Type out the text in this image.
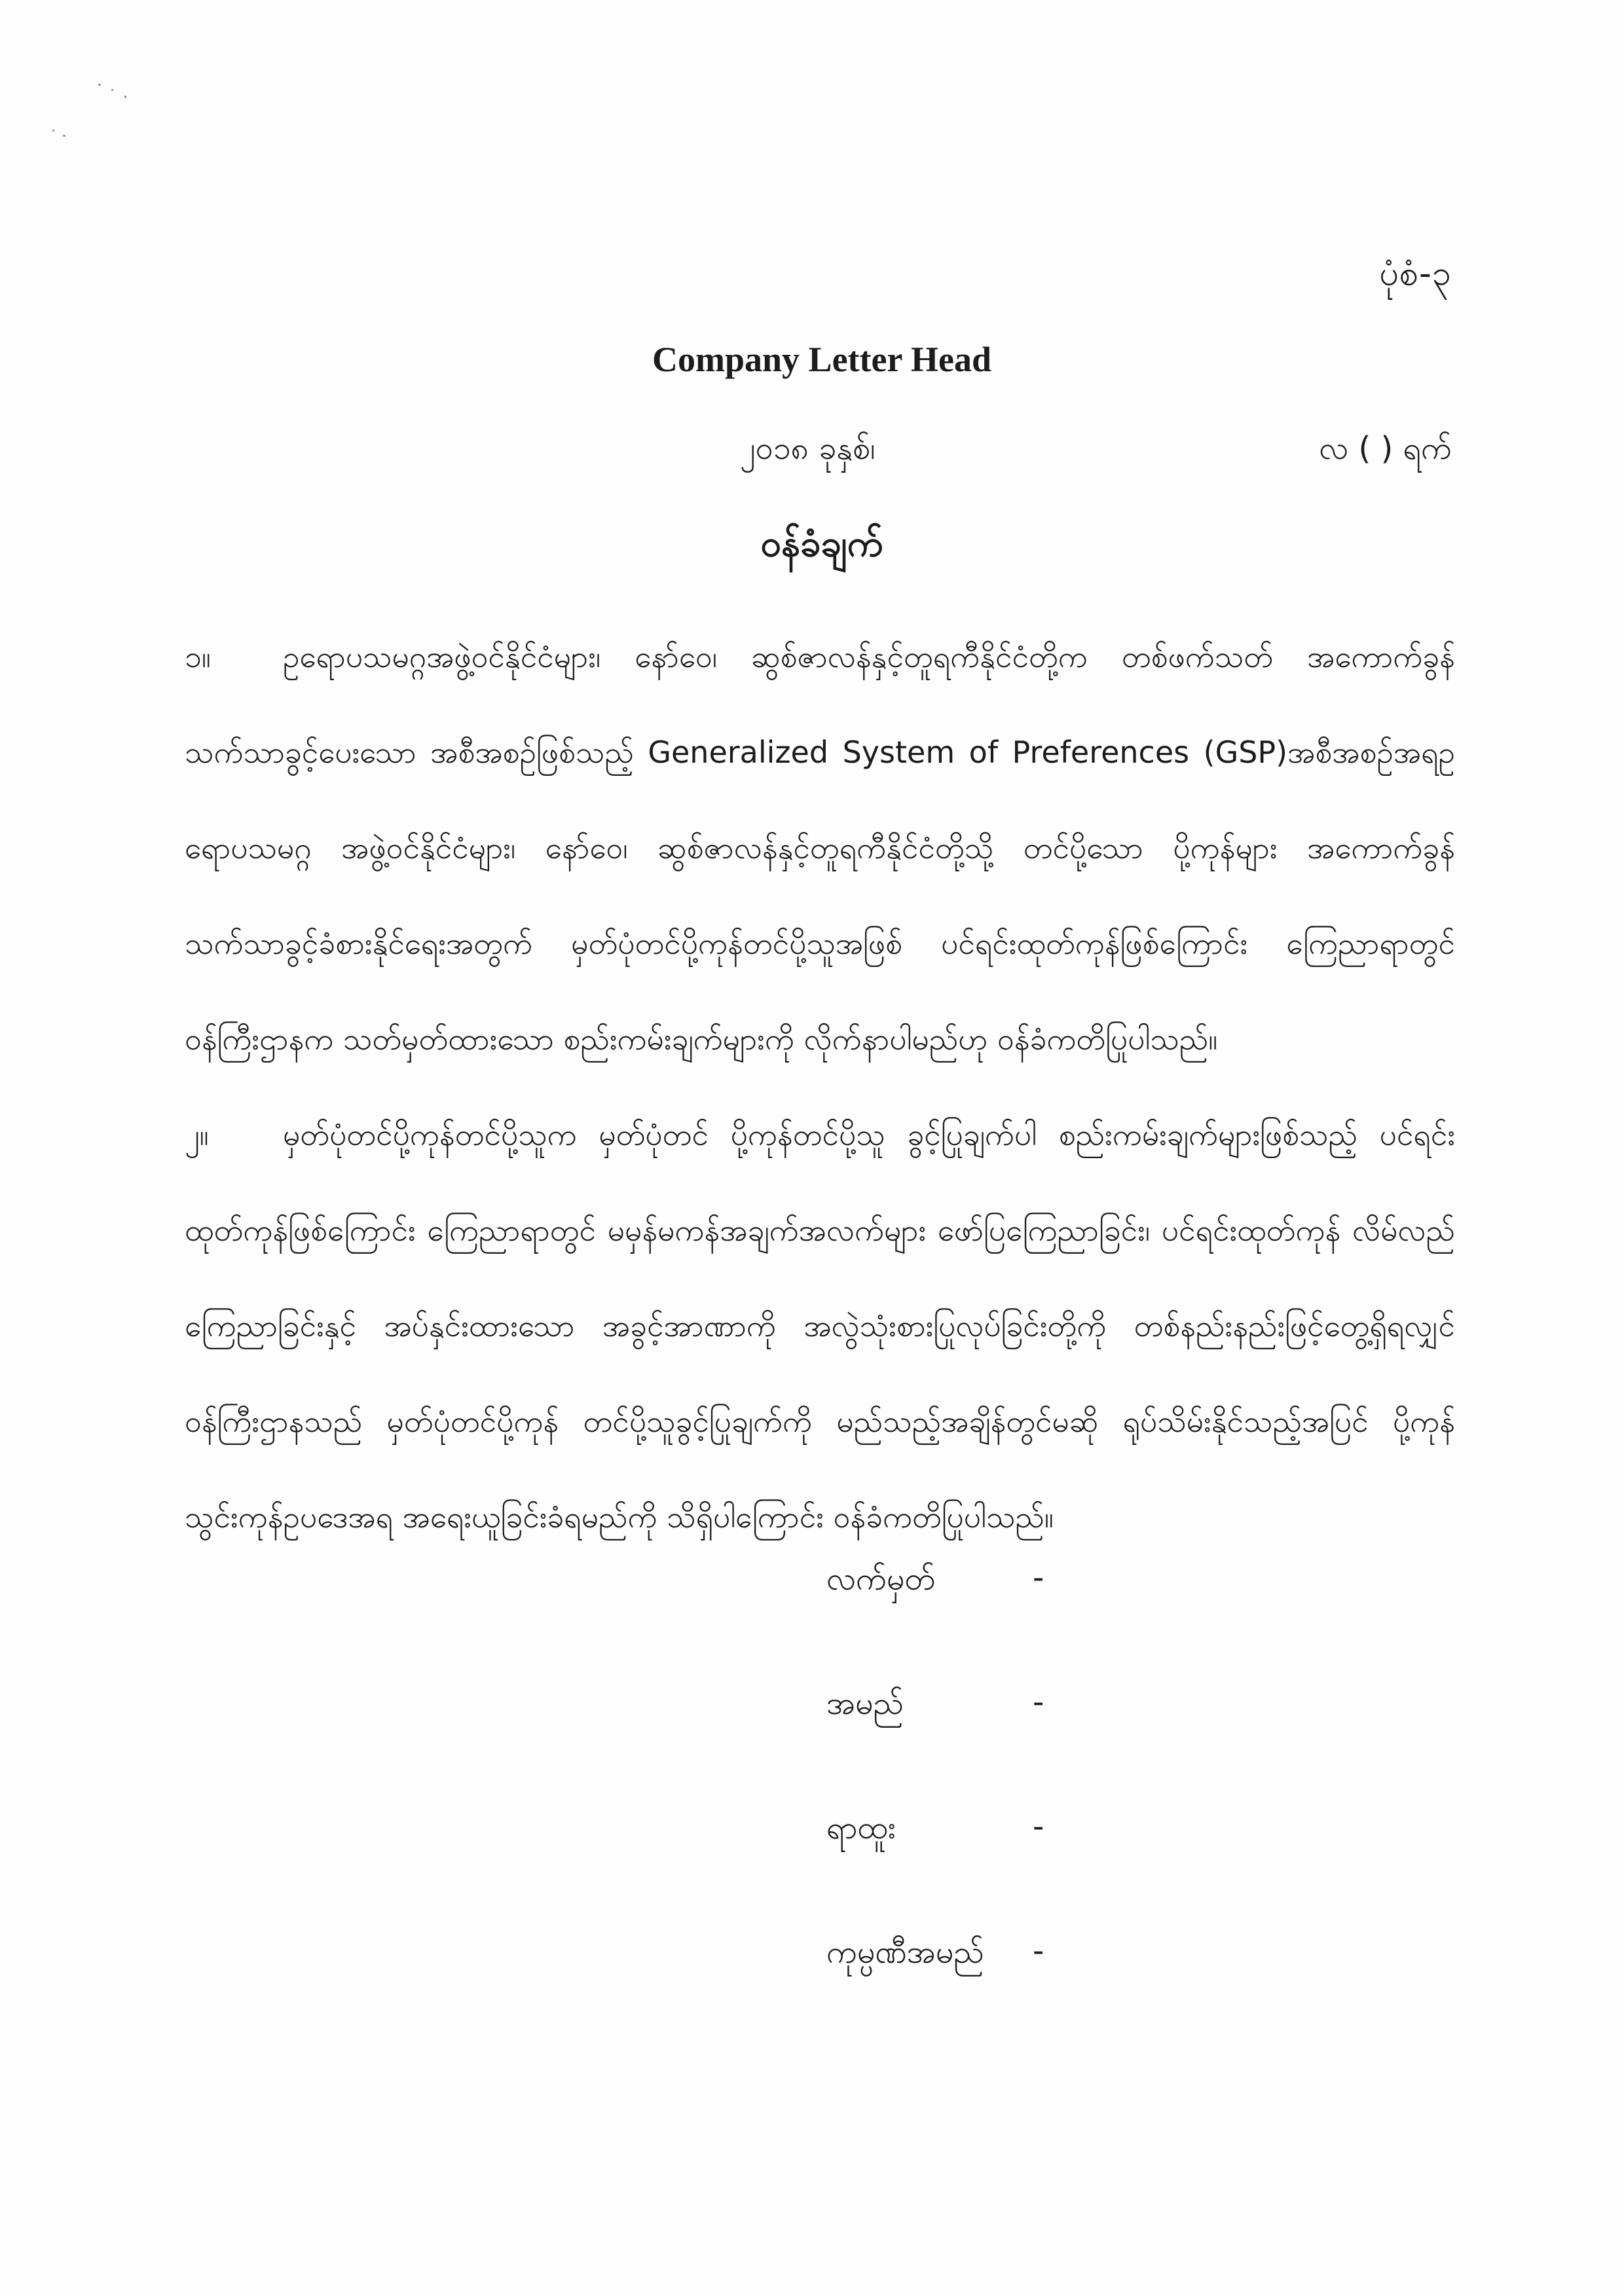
ပုံစံ-၃
Company Letter Head
၂၀၁၈ ခုနှစ်၊	လ ( ) ရက်
ဝန်ခံချက်

၁။ ဥရောပသမဂ္ဂအဖွဲ့ဝင်နိုင်ငံများ၊ နော်ဝေ၊ ဆွစ်ဇာလန်နှင့်တူရကီနိုင်ငံတို့က တစ်ဖက်သတ် အကောက်ခွန်သက်သာခွင့်ပေးသော အစီအစဉ်ဖြစ်သည့် Generalized System of Preferences (GSP)အစီအစဉ်အရဥရောပသမဂ္ဂ အဖွဲ့ဝင်နိုင်ငံများ၊ နော်ဝေ၊ ဆွစ်ဇာလန်နှင့်တူရကီနိုင်ငံတို့သို့ တင်ပို့သော ပို့ကုန်များ အကောက်ခွန်သက်သာခွင့်ခံစားနိုင်ရေးအတွက် မှတ်ပုံတင်ပို့ကုန်တင်ပို့သူအဖြစ် ပင်ရင်းထုတ်ကုန်ဖြစ်ကြောင်း ကြေညာရာတွင် ဝန်ကြီးဌာနက သတ်မှတ်ထားသော စည်းကမ်းချက်များကို လိုက်နာပါမည်ဟု ဝန်ခံကတိပြုပါသည်။

၂။ မှတ်ပုံတင်ပို့ကုန်တင်ပို့သူက မှတ်ပုံတင် ပို့ကုန်တင်ပို့သူ ခွင့်ပြုချက်ပါ စည်းကမ်းချက်များဖြစ်သည့် ပင်ရင်းထုတ်ကုန်ဖြစ်ကြောင်း ကြေညာရာတွင် မမှန်မကန်အချက်အလက်များ ဖော်ပြကြေညာခြင်း၊ ပင်ရင်းထုတ်ကုန် လိမ်လည်ကြေညာခြင်းနှင့် အပ်နှင်းထားသော အခွင့်အာဏာကို အလွဲသုံးစားပြုလုပ်ခြင်းတို့ကို တစ်နည်းနည်းဖြင့်တွေ့ရှိရလျှင် ဝန်ကြီးဌာနသည် မှတ်ပုံတင်ပို့ကုန် တင်ပို့သူခွင့်ပြုချက်ကို မည်သည့်အချိန်တွင်မဆို ရုပ်သိမ်းနိုင်သည့်အပြင် ပို့ကုန်သွင်းကုန်ဥပဒေအရ အရေးယူခြင်းခံရမည်ကို သိရှိပါကြောင်း ဝန်ခံကတိပြုပါသည်။

လက်မှတ်	-
အမည်	-
ရာထူး	-
ကုမ္ပဏီအမည် -
